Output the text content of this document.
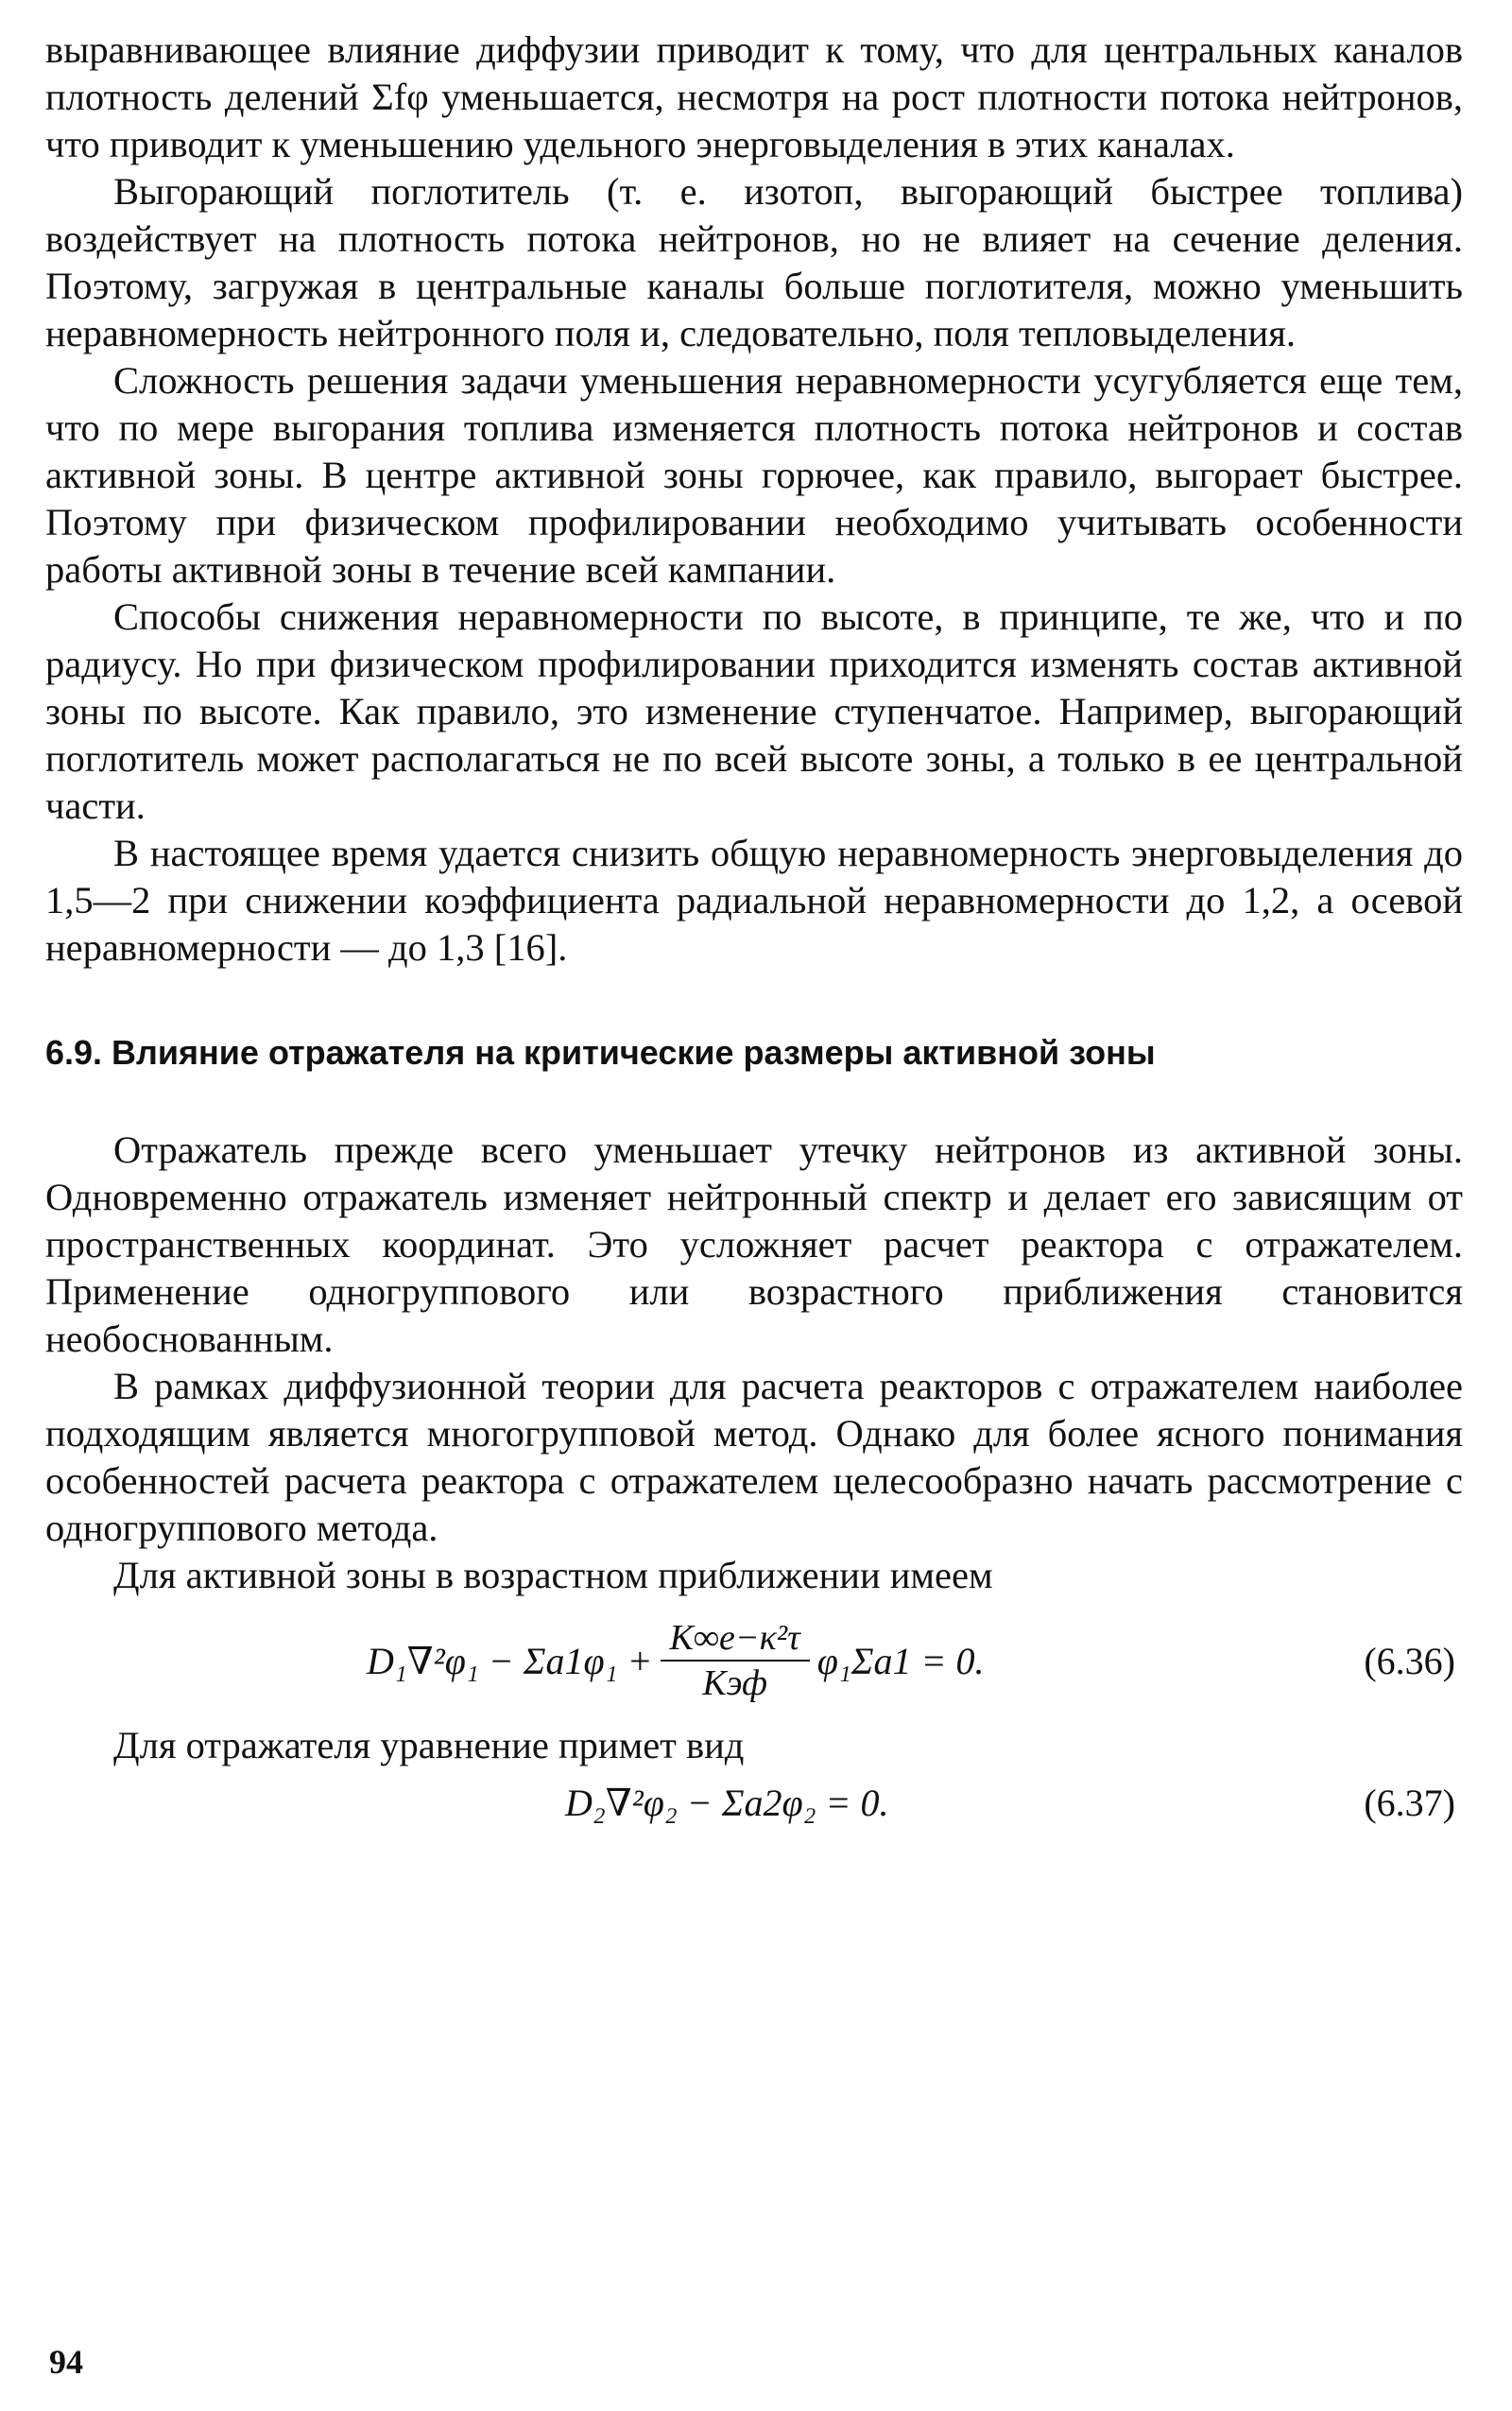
выравнивающее влияние диффузии приводит к тому, что для центральных каналов плотность делений Σfφ уменьшается, несмотря на рост плотности потока нейтронов, что приводит к уменьшению удельного энерговыделения в этих каналах.

Выгорающий поглотитель (т. е. изотоп, выгорающий быстрее топлива) воздействует на плотность потока нейтронов, но не влияет на сечение деления. Поэтому, загружая в центральные каналы больше поглотителя, можно уменьшить неравномерность нейтронного поля и, следовательно, поля тепловыделения.

Сложность решения задачи уменьшения неравномерности усугубляется еще тем, что по мере выгорания топлива изменяется плотность потока нейтронов и состав активной зоны. В центре активной зоны горючее, как правило, выгорает быстрее. Поэтому при физическом профилировании необходимо учитывать особенности работы активной зоны в течение всей кампании.

Способы снижения неравномерности по высоте, в принципе, те же, что и по радиусу. Но при физическом профилировании приходится изменять состав активной зоны по высоте. Как правило, это изменение ступенчатое. Например, выгорающий поглотитель может располагаться не по всей высоте зоны, а только в ее центральной части.

В настоящее время удается снизить общую неравномерность энерговыделения до 1,5—2 при снижении коэффициента радиальной неравномерности до 1,2, а осевой неравномерности — до 1,3 [16].

6.9. Влияние отражателя на критические размеры активной зоны

Отражатель прежде всего уменьшает утечку нейтронов из активной зоны. Одновременно отражатель изменяет нейтронный спектр и делает его зависящим от пространственных координат. Это усложняет расчет реактора с отражателем. Применение одногруппового или возрастного приближения становится необоснованным.

В рамках диффузионной теории для расчета реакторов с отражателем наиболее подходящим является многогрупповой метод. Однако для более ясного понимания особенностей расчета реактора с отражателем целесообразно начать рассмотрение с одногруппового метода.

Для активной зоны в возрастном приближении имеем

$D_1\nabla^2\varphi_1 - \Sigma a1\varphi_1 + \frac{\text{K∞e−κ²τ}}{\text{Kэф}} \varphi_1\Sigma a1 = 0$.	(6.36)

Для отражателя уравнение примет вид

D₂∇²φ₂ − Σa2φ₂ = 0.	(6.37)
94
